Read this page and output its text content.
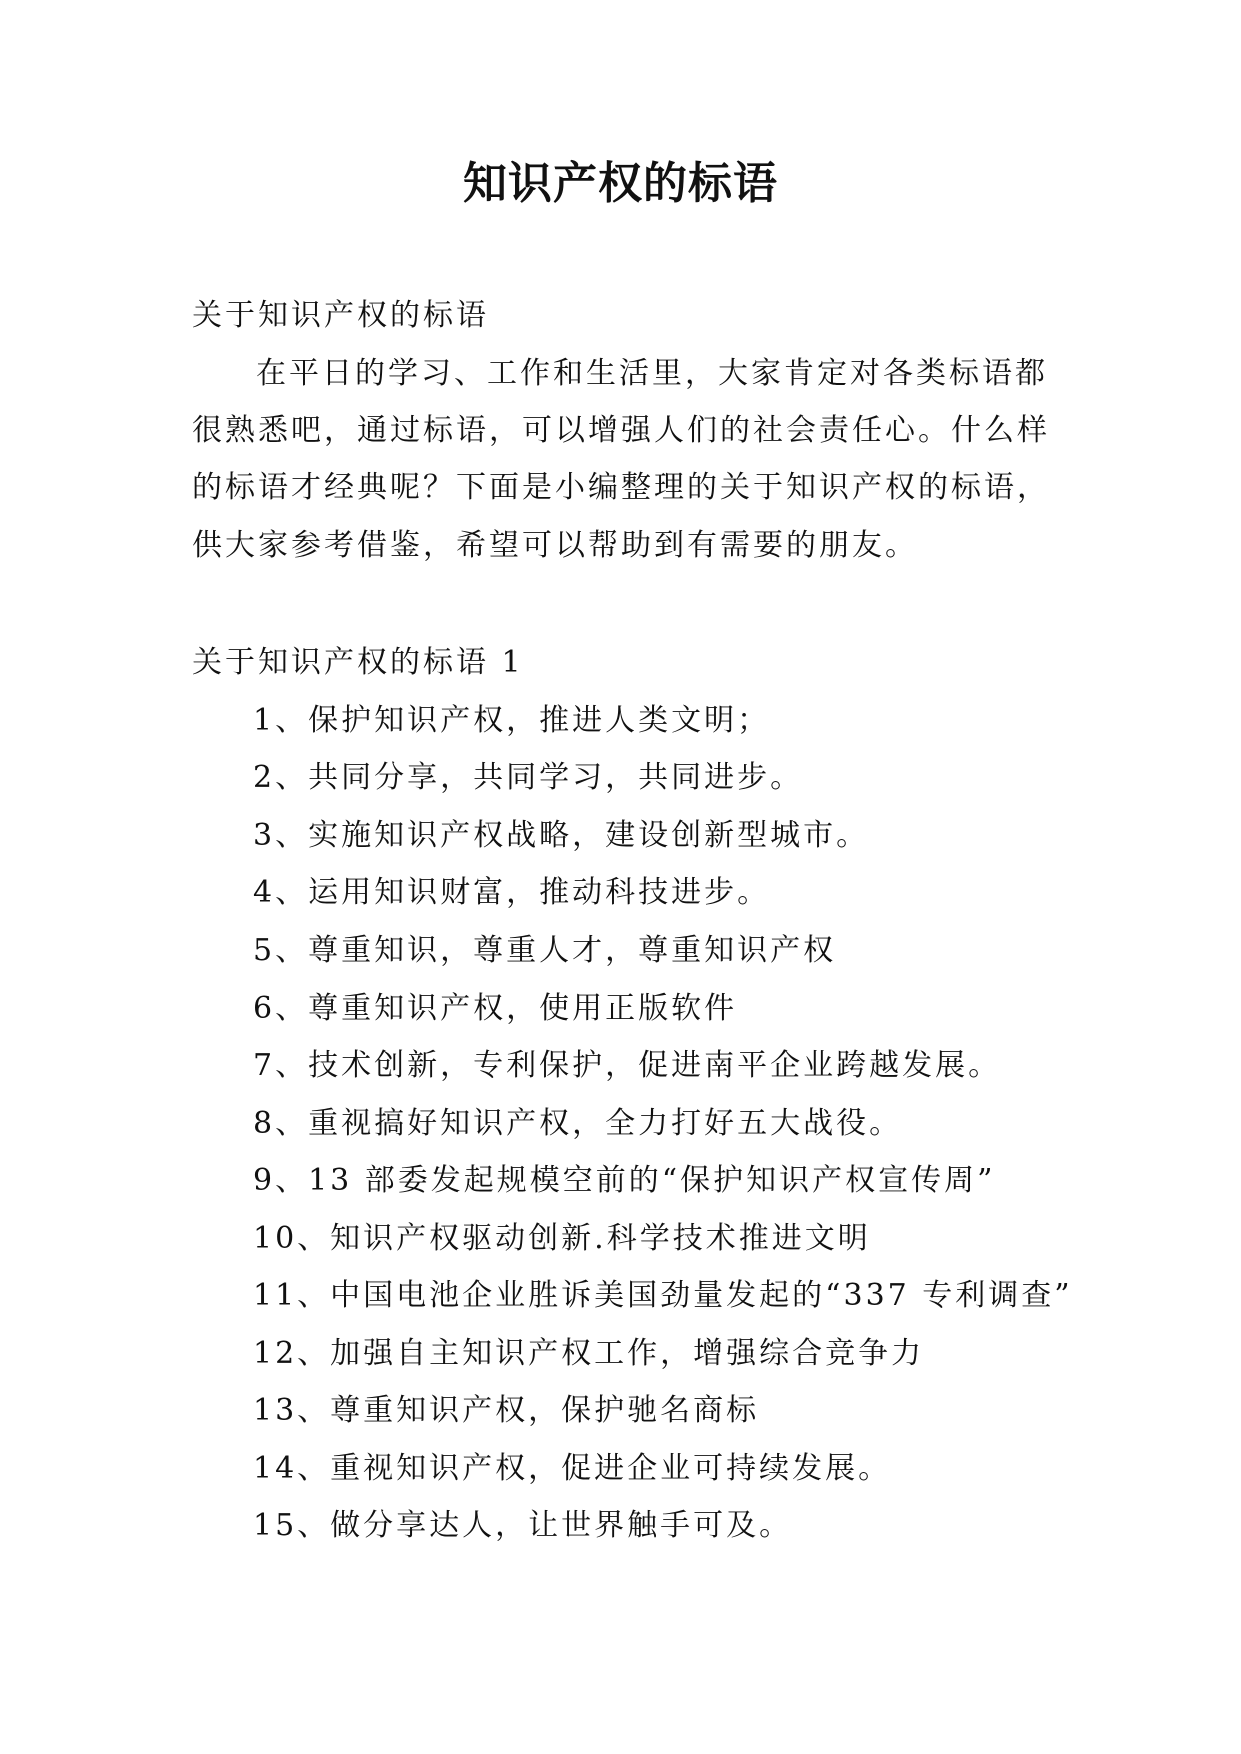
知识产权的标语
关于知识产权的标语
在平日的学习、工作和生活里，大家肯定对各类标语都
很熟悉吧，通过标语，可以增强人们的社会责任心。什么样
的标语才经典呢？下面是小编整理的关于知识产权的标语，
供大家参考借鉴，希望可以帮助到有需要的朋友。
关于知识产权的标语 1
1、保护知识产权，推进人类文明；
2、共同分享，共同学习，共同进步。
3、实施知识产权战略，建设创新型城市。
4、运用知识财富，推动科技进步。
5、尊重知识，尊重人才，尊重知识产权
6、尊重知识产权，使用正版软件
7、技术创新，专利保护，促进南平企业跨越发展。
8、重视搞好知识产权，全力打好五大战役。
9、13 部委发起规模空前的“保护知识产权宣传周”
10、知识产权驱动创新.科学技术推进文明
11、中国电池企业胜诉美国劲量发起的“337 专利调查”
12、加强自主知识产权工作，增强综合竞争力
13、尊重知识产权，保护驰名商标
14、重视知识产权，促进企业可持续发展。
15、做分享达人，让世界触手可及。
